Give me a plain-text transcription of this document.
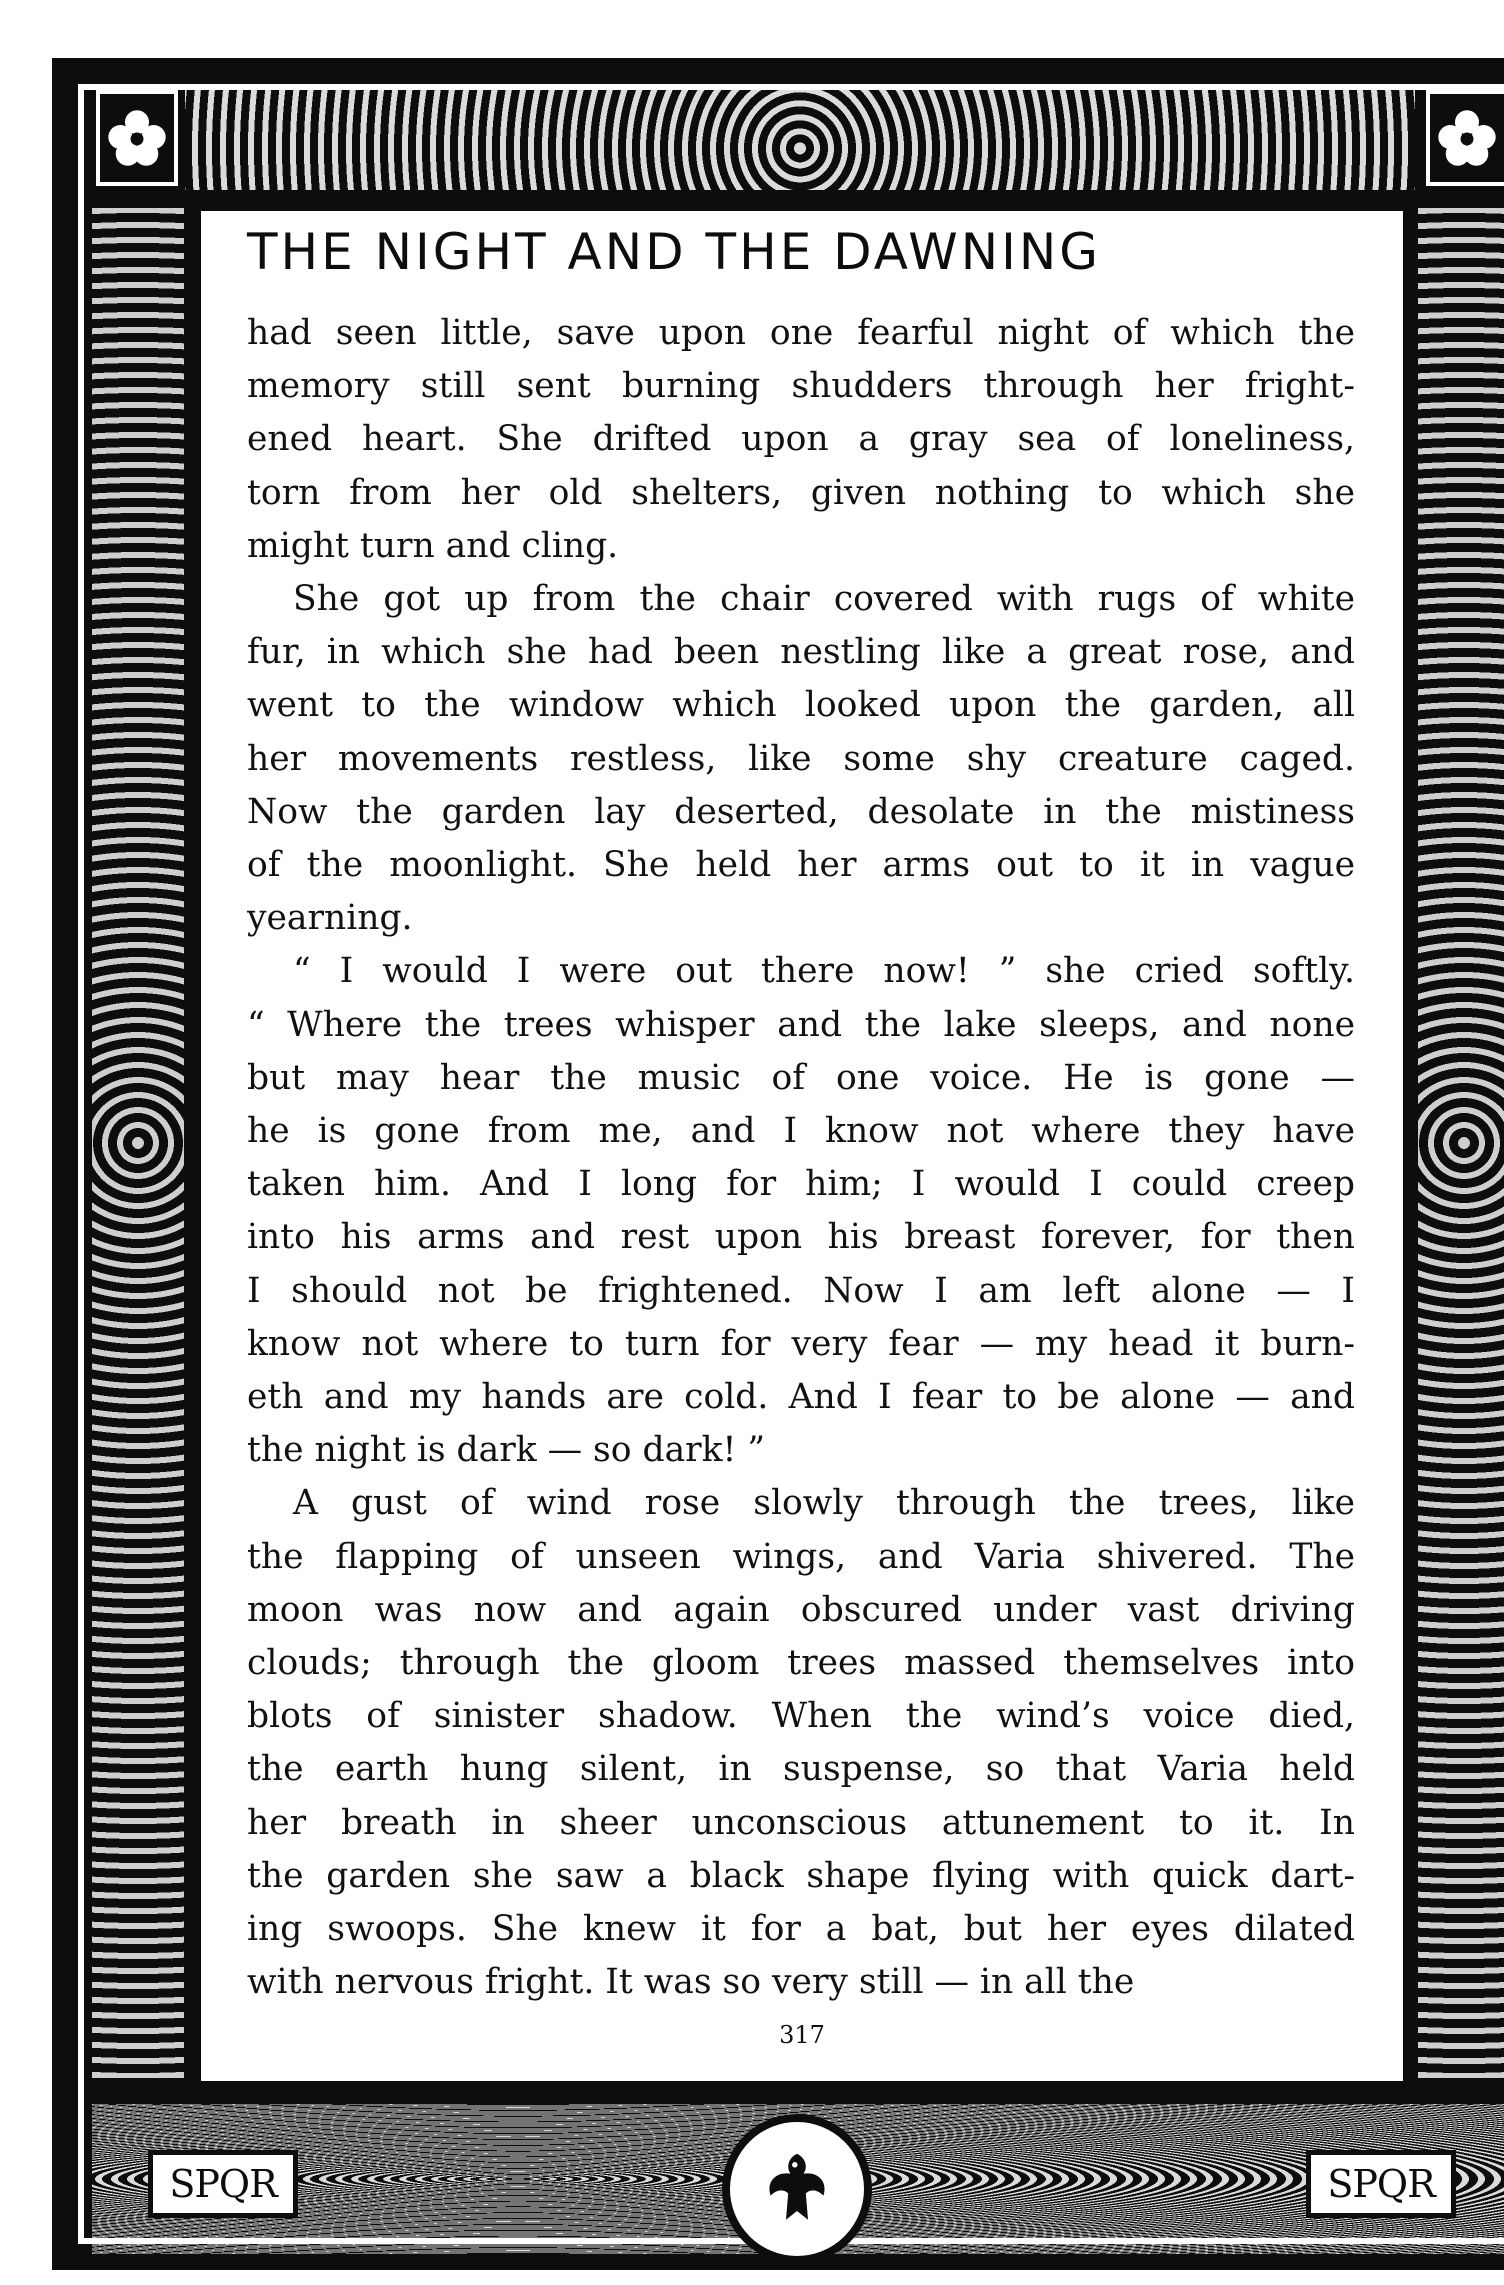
SPQR	SPQR
THE NIGHT AND THE DAWNING
had seen little, save upon one fearful night of which the
memory still sent burning shudders through her fright-
ened heart. She drifted upon a gray sea of loneliness,
torn from her old shelters, given nothing to which she
might turn and cling.
She got up from the chair covered with rugs of white
fur, in which she had been nestling like a great rose, and
went to the window which looked upon the garden, all
her movements restless, like some shy creature caged.
Now the garden lay deserted, desolate in the mistiness
of the moonlight. She held her arms out to it in vague
yearning.
“ I would I were out there now! ” she cried softly.
“ Where the trees whisper and the lake sleeps, and none
but may hear the music of one voice. He is gone —
he is gone from me, and I know not where they have
taken him. And I long for him; I would I could creep
into his arms and rest upon his breast forever, for then
I should not be frightened. Now I am left alone — I
know not where to turn for very fear — my head it burn-
eth and my hands are cold. And I fear to be alone — and
the night is dark — so dark! ”
A gust of wind rose slowly through the trees, like
the flapping of unseen wings, and Varia shivered. The
moon was now and again obscured under vast driving
clouds; through the gloom trees massed themselves into
blots of sinister shadow. When the wind’s voice died,
the earth hung silent, in suspense, so that Varia held
her breath in sheer unconscious attunement to it. In
the garden she saw a black shape flying with quick dart-
ing swoops. She knew it for a bat, but her eyes dilated
with nervous fright. It was so very still — in all the
317
